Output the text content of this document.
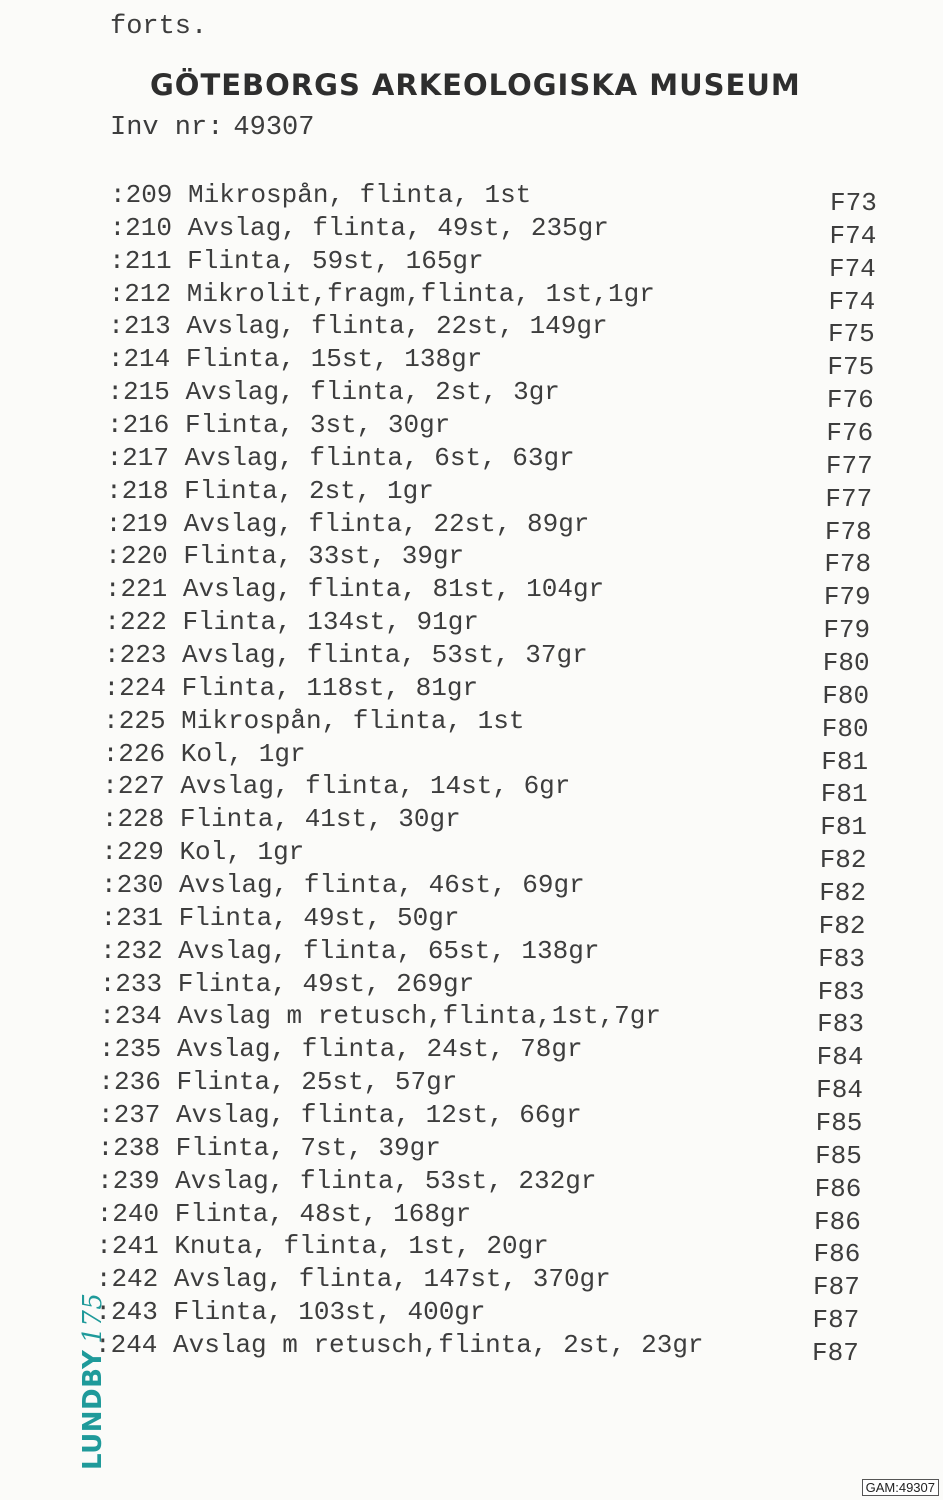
forts.
GÖTEBORGS ARKEOLOGISKA MUSEUM
Inv nr: 49307
:209 Mikrospån, flinta, 1st	F73
:210 Avslag, flinta, 49st, 235gr	F74
:211 Flinta, 59st, 165gr	F74
:212 Mikrolit,fragm,flinta, 1st,1gr	F74
:213 Avslag, flinta, 22st, 149gr	F75
:214 Flinta, 15st, 138gr	F75
:215 Avslag, flinta, 2st, 3gr	F76
:216 Flinta, 3st, 30gr	F76
:217 Avslag, flinta, 6st, 63gr	F77
:218 Flinta, 2st, 1gr	F77
:219 Avslag, flinta, 22st, 89gr	F78
:220 Flinta, 33st, 39gr	F78
:221 Avslag, flinta, 81st, 104gr	F79
:222 Flinta, 134st, 91gr	F79
:223 Avslag, flinta, 53st, 37gr	F80
:224 Flinta, 118st, 81gr	F80
:225 Mikrospån, flinta, 1st	F80
:226 Kol, 1gr	F81
:227 Avslag, flinta, 14st, 6gr	F81
:228 Flinta, 41st, 30gr	F81
:229 Kol, 1gr	F82
:230 Avslag, flinta, 46st, 69gr	F82
:231 Flinta, 49st, 50gr	F82
:232 Avslag, flinta, 65st, 138gr	F83
:233 Flinta, 49st, 269gr	F83
:234 Avslag m retusch,flinta,1st,7gr	F83
:235 Avslag, flinta, 24st, 78gr	F84
:236 Flinta, 25st, 57gr	F84
:237 Avslag, flinta, 12st, 66gr	F85
:238 Flinta, 7st, 39gr	F85
:239 Avslag, flinta, 53st, 232gr	F86
:240 Flinta, 48st, 168gr	F86
:241 Knuta, flinta, 1st, 20gr	F86
:242 Avslag, flinta, 147st, 370gr	F87
:243 Flinta, 103st, 400gr	F87
:244 Avslag m retusch,flinta, 2st, 23gr	F87
LUNDBY175
GAM:49307
